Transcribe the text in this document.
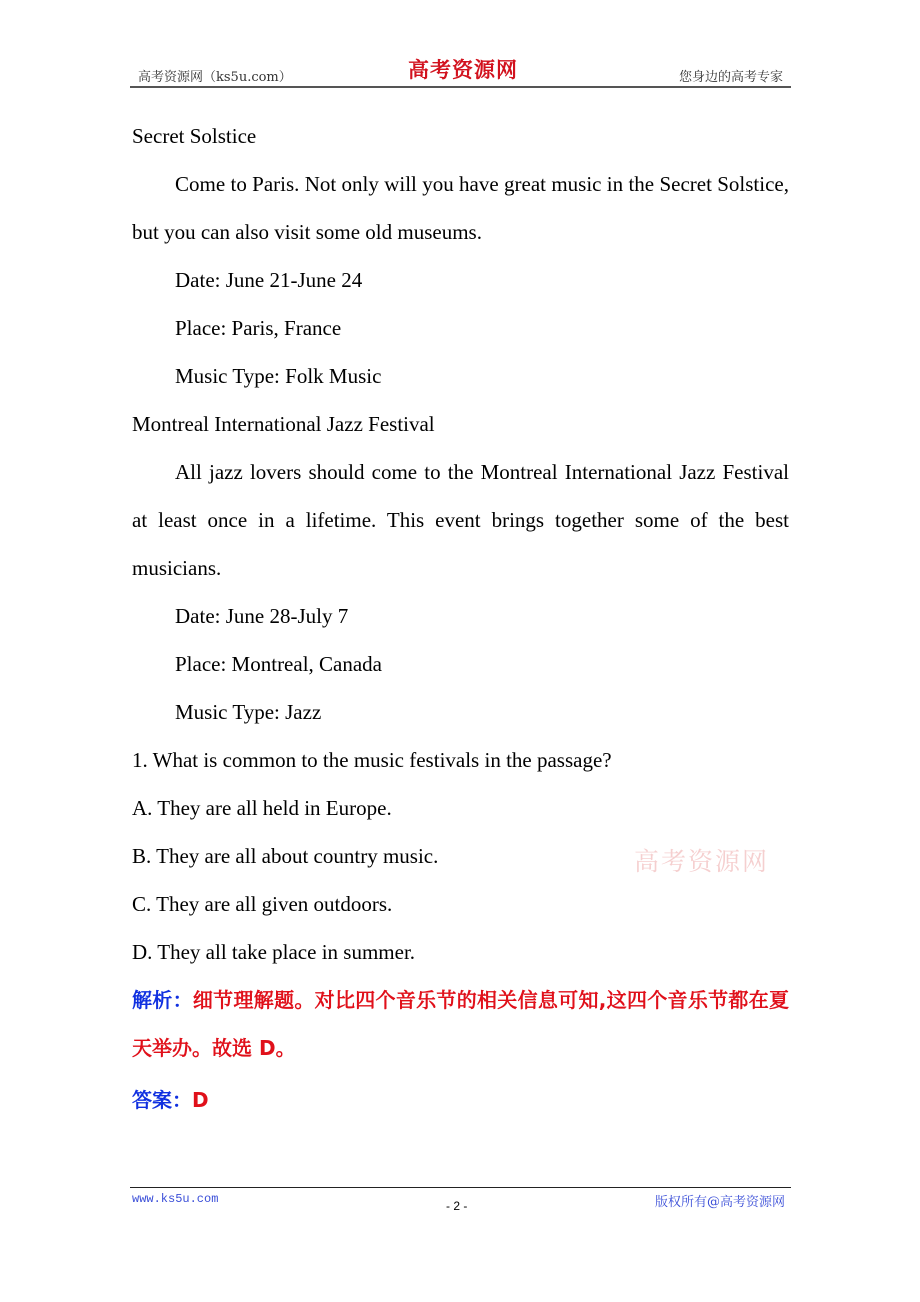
高考资源网（ks5u.com）	高考资源网	您身边的高考专家

Secret Solstice

Come to Paris. Not only will you have great music in the Secret Solstice, but you can also visit some old museums.

Date: June 21-June 24

Place: Paris, France

Music Type: Folk Music

Montreal International Jazz Festival

All jazz lovers should come to the Montreal International Jazz Festival at least once in a lifetime. This event brings together some of the best musicians.

Date: June 28-July 7

Place: Montreal, Canada

Music Type: Jazz

1. What is common to the music festivals in the passage?

A. They are all held in Europe.

B. They are all about country music.

C. They are all given outdoors.

D. They all take place in summer.

解析：细节理解题。对比四个音乐节的相关信息可知,这四个音乐节都在夏天举办。故选 D。

答案：D

高考资源网
www.ks5u.com	- 2 -	版权所有@高考资源网
